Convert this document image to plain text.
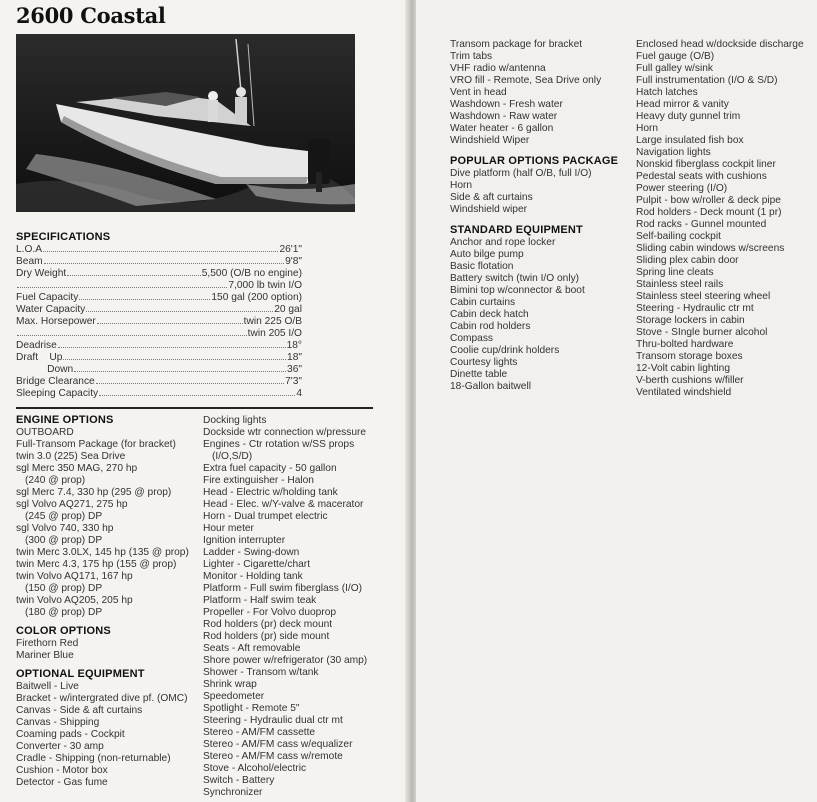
2600 Coastal
SPECIFICATIONS
L.O.A	26'1"
Beam	9'8"
Dry Weight	5,500 (O/B no engine)
7,000 lb twin I/O
Fuel Capacity	150 gal (200 option)
Water Capacity	20 gal
Max. Horsepower	twin 225 O/B
twin 205 I/O
Deadrise	18°
Draft    Up	18"
Down	36"
Bridge Clearance	7'3"
Sleeping Capacity	4
ENGINE OPTIONS
OUTBOARD
Full-Transom Package (for bracket)
twin 3.0 (225) Sea Drive
sgl Merc 350 MAG, 270 hp
(240 @ prop)
sgl Merc 7.4, 330 hp (295 @ prop)
sgl Volvo AQ271, 275 hp
(245 @ prop) DP
sgl Volvo 740, 330 hp
(300 @ prop) DP
twin Merc 3.0LX, 145 hp (135 @ prop)
twin Merc 4.3, 175 hp (155 @ prop)
twin Volvo AQ171, 167 hp
(150 @ prop) DP
twin Volvo AQ205, 205 hp
(180 @ prop) DP
COLOR OPTIONS
Firethorn Red
Mariner Blue
OPTIONAL EQUIPMENT
Baitwell - Live
Bracket - w/intergrated dive pf. (OMC)
Canvas - Side & aft curtains
Canvas - Shipping
Coaming pads - Cockpit
Converter - 30 amp
Cradle - Shipping (non-returnable)
Cushion - Motor box
Detector - Gas fume
Docking lights
Dockside wtr connection w/pressure
Engines - Ctr rotation w/SS props
(I/O,S/D)
Extra fuel capacity - 50 gallon
Fire extinguisher - Halon
Head - Electric w/holding tank
Head - Elec. w/Y-valve & macerator
Horn - Dual trumpet electric
Hour meter
Ignition interrupter
Ladder - Swing-down
Lighter - Cigarette/chart
Monitor - Holding tank
Platform - Full swim fiberglass (I/O)
Platform - Half swim teak
Propeller - For Volvo duoprop
Rod holders (pr) deck mount
Rod holders (pr) side mount
Seats - Aft removable
Shore power w/refrigerator (30 amp)
Shower - Transom w/tank
Shrink wrap
Speedometer
Spotlight - Remote 5"
Steering - Hydraulic dual ctr mt
Stereo - AM/FM cassette
Stereo - AM/FM cass w/equalizer
Stereo - AM/FM cass w/remote
Stove - Alcohol/electric
Switch - Battery
Synchronizer
Transom package for bracket
Trim tabs
VHF radio w/antenna
VRO fill - Remote, Sea Drive only
Vent in head
Washdown - Fresh water
Washdown - Raw water
Water heater - 6 gallon
Windshield Wiper
POPULAR OPTIONS PACKAGE
Dive platform (half O/B, full I/O)
Horn
Side & aft curtains
Windshield wiper
STANDARD EQUIPMENT
Anchor and rope locker
Auto bilge pump
Basic flotation
Battery switch (twin I/O only)
Bimini top w/connector & boot
Cabin curtains
Cabin deck hatch
Cabin rod holders
Compass
Coolie cup/drink holders
Courtesy lights
Dinette table
18-Gallon baitwell
Enclosed head w/dockside discharge
Fuel gauge (O/B)
Full galley w/sink
Full instrumentation (I/O & S/D)
Hatch latches
Head mirror & vanity
Heavy duty gunnel trim
Horn
Large insulated fish box
Navigation lights
Nonskid fiberglass cockpit liner
Pedestal seats with cushions
Power steering (I/O)
Pulpit - bow w/roller & deck pipe
Rod holders - Deck mount (1 pr)
Rod racks - Gunnel mounted
Self-bailing cockpit
Sliding cabin windows w/screens
Sliding plex cabin door
Spring line cleats
Stainless steel rails
Stainless steel steering wheel
Steering - Hydraulic ctr mt
Storage lockers in cabin
Stove - SIngle burner alcohol
Thru-bolted hardware
Transom storage boxes
12-Volt cabin lighting
V-berth cushions w/filler
Ventilated windshield
